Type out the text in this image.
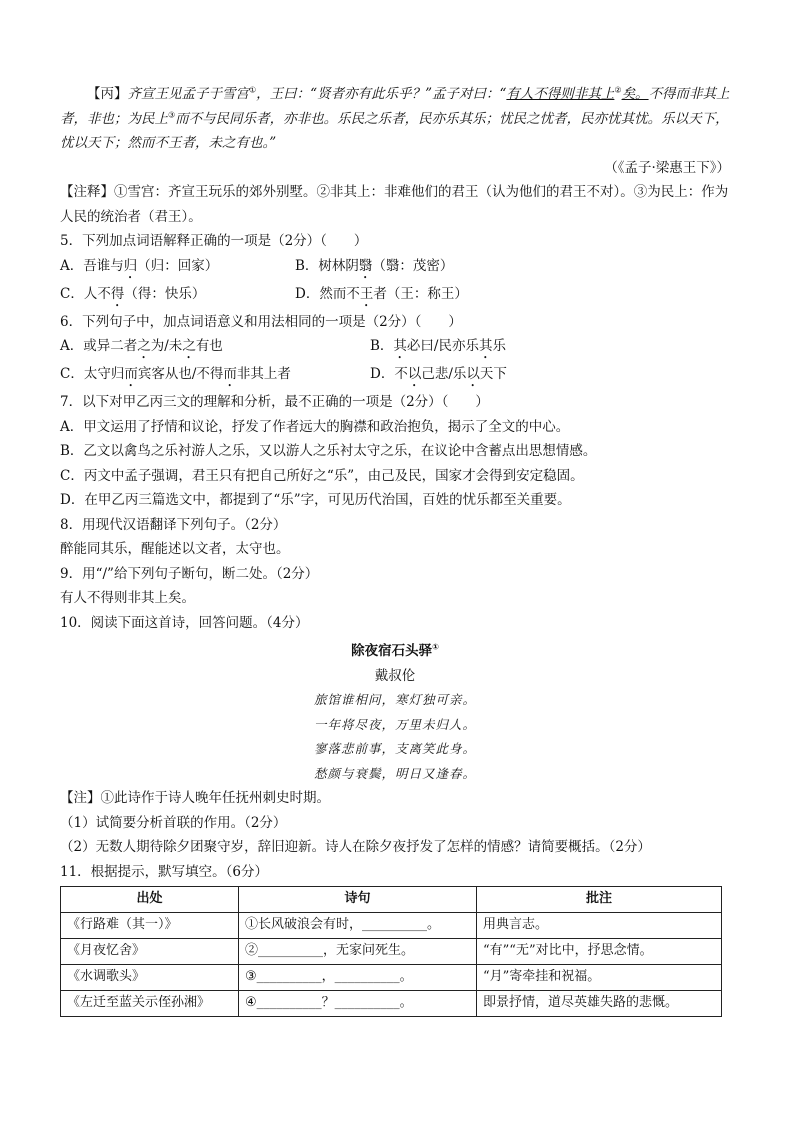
【丙】齐宣王见孟子于雪宫①，王曰：“贤者亦有此乐乎？”孟子对曰：“有人不得则非其上②矣。不得而非其上者，非也；为民上③而不与民同乐者，亦非也。乐民之乐者，民亦乐其乐；忧民之忧者，民亦忧其忧。乐以天下，忧以天下；然而不王者，未之有也。”

（《孟子·梁惠王下》）

【注释】①雪宫：齐宣王玩乐的郊外别墅。②非其上：非难他们的君王（认为他们的君王不对）。③为民上：作为人民的统治者（君王）。

5．下列加点词语解释正确的一项是（2分）（　　）

A．吾谁与归（归：回家）	B．树林阴翳（翳：茂密）
C．人不得（得：快乐）	D．然而不王者（王：称王）

6．下列句子中，加点词语意义和用法相同的一项是（2分）（　　）

A．或异二者之为/未之有也	B．其必曰/民亦乐其乐
C．太守归而宾客从也/不得而非其上者	D．不以己悲/乐以天下

7．以下对甲乙丙三文的理解和分析，最不正确的一项是（2分）（　　）

A．甲文运用了抒情和议论，抒发了作者远大的胸襟和政治抱负，揭示了全文的中心。

B．乙文以禽鸟之乐衬游人之乐，又以游人之乐衬太守之乐，在议论中含蓄点出思想情感。

C．丙文中孟子强调，君王只有把自己所好之“乐”，由己及民，国家才会得到安定稳固。

D．在甲乙丙三篇选文中，都提到了“乐”字，可见历代治国，百姓的忧乐都至关重要。

8．用现代汉语翻译下列句子。（2分）

醉能同其乐，醒能述以文者，太守也。

9．用“/”给下列句子断句，断二处。（2分）

有人不得则非其上矣。

10．阅读下面这首诗，回答问题。（4分）

除夜宿石头驿①

戴叔伦

旅馆谁相问，寒灯独可亲。

一年将尽夜，万里未归人。

寥落悲前事，支离笑此身。

愁颜与衰鬓，明日又逢春。

【注】①此诗作于诗人晚年任抚州刺史时期。

（1）试简要分析首联的作用。（2分）

（2）无数人期待除夕团聚守岁，辞旧迎新。诗人在除夕夜抒发了怎样的情感？请简要概括。（2分）

11．根据提示，默写填空。（6分）

出处	诗句	批注
《行路难（其一）》	①长风破浪会有时，__________。	用典言志。
《月夜忆舍》	②__________，无家问死生。	“有”“无”对比中，抒思念情。
《水调歌头》	③__________，__________。	“月”寄牵挂和祝福。
《左迁至蓝关示侄孙湘》	④__________？__________。	即景抒情，道尽英雄失路的悲慨。
